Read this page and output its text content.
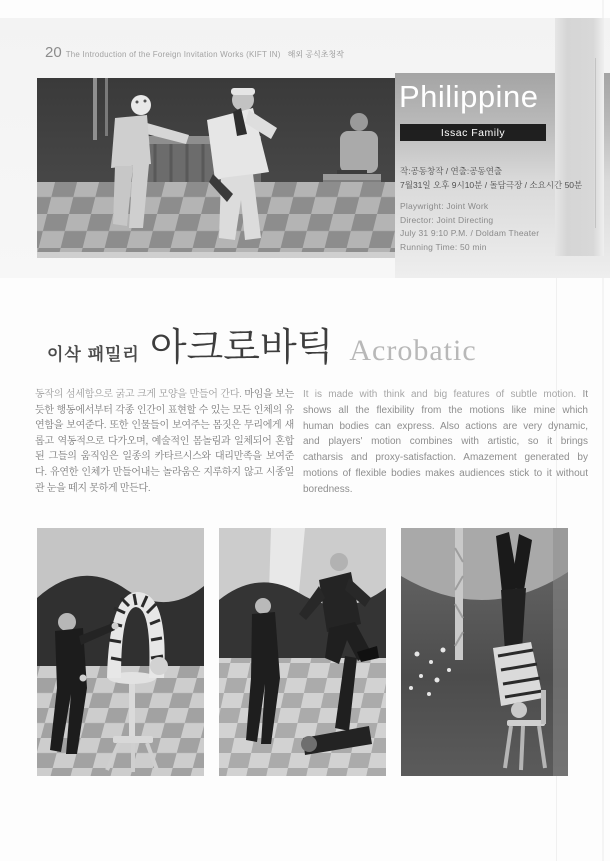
20 The Introduction of the Foreign Invitation Works (KIFT IN) 해외 공식초청작
Philippine
Issac Family
작:공동창작 / 연출:공동연출
7월31일 오후 9시10분 / 돌담극장 / 소요시간 50분
Playwright: Joint Work
Director: Joint Directing
July 31 9:10 P.M. / Doldam Theater
Running Time: 50 min
이삭 패밀리 아크로바틱 Acrobatic

동작의 섬세함으로 굵고 크게 모양을 만들어 간다. 마임을 보는 듯한 행동에서부터 각종 인간이 표현할 수 있는 모든 인체의 유연함을 보여준다. 또한 인물들이 보여주는 몸짓은 무리에게 새롭고 역동적으로 다가오며, 예술적인 몸놀림과 일체되어 혼합된 그들의 움직임은 일종의 카타르시스와 대리만족을 보여준다. 유연한 인체가 만들어내는 놀라움은 지루하지 않고 시종일관 눈을 떼지 못하게 만든다.

It is made with think and big features of subtle motion. It shows all the flexibility from the motions like mine which human bodies can express. Also actions are very dynamic, and players' motion combines with artistic, so it brings catharsis and proxy-satisfaction. Amazement generated by motions of flexible bodies makes audiences stick to it without boredness.
